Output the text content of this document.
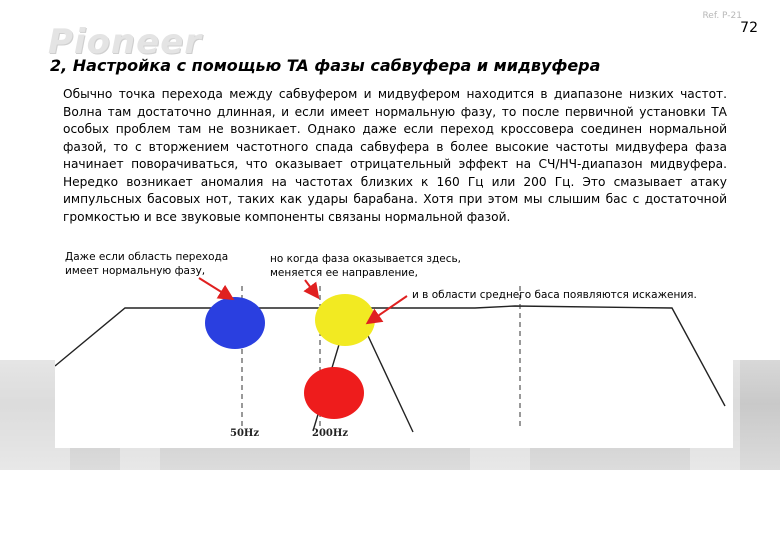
Pioneer
Ref. P-21
72
2, Настройка с помощью TA фазы сабвуфера и мидвуфера

Обычно точка перехода между сабвуфером и мидвуфером находится в диапазоне низких частот. Волна там достаточно длинная, и если имеет нормальную фазу, то после первичной установки ТА особых проблем там не возникает. Однако даже если переход кроссовера соединен нормальной фазой, то с вторжением частотного спада сабвуфера в более высокие частоты мидвуфера фаза начинает поворачиваться, что оказывает отрицательный эффект на СЧ/НЧ-диапазон мидвуфера. Нередко возникает аномалия на частотах близких к 160 Гц или 200 Гц. Это смазывает атаку импульсных басовых нот, таких как удары барабана. Хотя при этом мы слышим бас с достаточной громкостью и все звуковые компоненты связаны нормальной фазой.

50Hz	200Hz

Даже если область перехода имеет нормальную фазу,

но когда фаза оказывается здесь, меняется ее направление,

и в области среднего баса появляются искажения.
